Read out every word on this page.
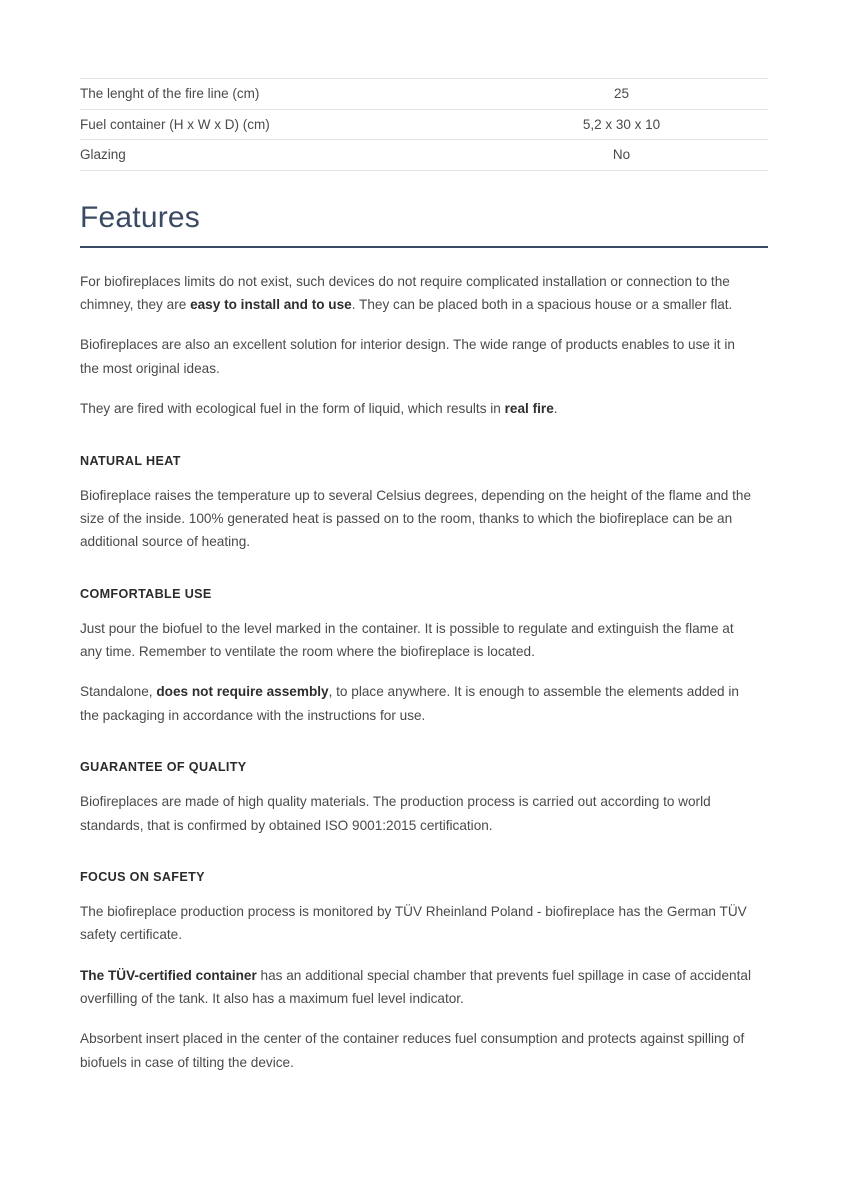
The lenght of the fire line (cm)	25
Fuel container (H x W x D) (cm)	5,2 x 30 x 10
Glazing	No
Features

For biofireplaces limits do not exist, such devices do not require complicated installation or connection to the chimney, they are easy to install and to use. They can be placed both in a spacious house or a smaller flat.

Biofireplaces are also an excellent solution for interior design. The wide range of products enables to use it in the most original ideas.

They are fired with ecological fuel in the form of liquid, which results in real fire.

NATURAL HEAT

Biofireplace raises the temperature up to several Celsius degrees, depending on the height of the flame and the size of the inside. 100% generated heat is passed on to the room, thanks to which the biofireplace can be an additional source of heating.

COMFORTABLE USE

Just pour the biofuel to the level marked in the container. It is possible to regulate and extinguish the flame at any time. Remember to ventilate the room where the biofireplace is located.

Standalone, does not require assembly, to place anywhere. It is enough to assemble the elements added in the packaging in accordance with the instructions for use.

GUARANTEE OF QUALITY

Biofireplaces are made of high quality materials. The production process is carried out according to world standards, that is confirmed by obtained ISO 9001:2015 certification.

FOCUS ON SAFETY

The biofireplace production process is monitored by TÜV Rheinland Poland - biofireplace has the German TÜV safety certificate.

The TÜV-certified container has an additional special chamber that prevents fuel spillage in case of accidental overfilling of the tank. It also has a maximum fuel level indicator.

Absorbent insert placed in the center of the container reduces fuel consumption and protects against spilling of biofuels in case of tilting the device.
